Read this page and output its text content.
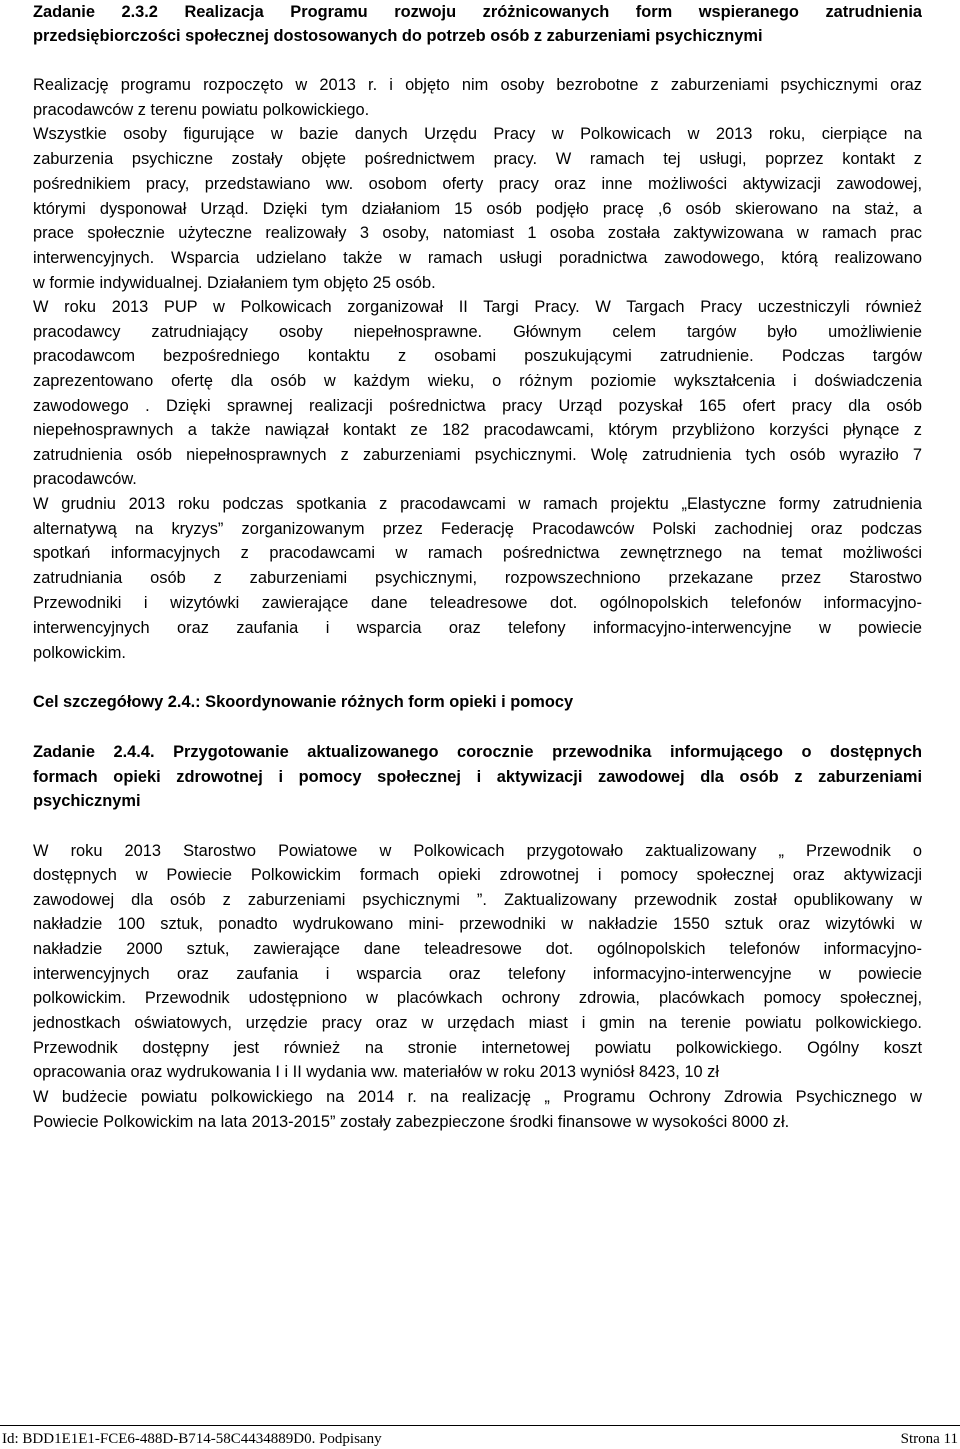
Zadanie 2.3.2 Realizacja Programu rozwoju zróżnicowanych form wspieranego zatrudnienia
przedsiębiorczości społecznej dostosowanych do potrzeb osób z zaburzeniami psychicznymi
Realizację programu rozpoczęto w 2013 r. i objęto nim osoby bezrobotne z zaburzeniami psychicznymi oraz
pracodawców z terenu powiatu polkowickiego.
Wszystkie osoby figurujące w bazie danych Urzędu Pracy w Polkowicach w 2013 roku, cierpiące na
zaburzenia psychiczne zostały objęte pośrednictwem pracy. W ramach tej usługi, poprzez kontakt z
pośrednikiem pracy, przedstawiano ww. osobom oferty pracy oraz inne możliwości aktywizacji zawodowej,
którymi dysponował Urząd. Dzięki tym działaniom 15 osób podjęło pracę ,6 osób skierowano na staż, a
prace społecznie użyteczne realizowały 3 osoby, natomiast 1 osoba została zaktywizowana w ramach prac
interwencyjnych. Wsparcia udzielano także w ramach usługi poradnictwa zawodowego, którą realizowano
w formie indywidualnej. Działaniem tym objęto 25 osób.
W roku 2013 PUP w Polkowicach zorganizował II Targi Pracy. W Targach Pracy uczestniczyli również
pracodawcy zatrudniający osoby niepełnosprawne. Głównym celem targów było umożliwienie
pracodawcom bezpośredniego kontaktu z osobami poszukującymi zatrudnienie. Podczas targów
zaprezentowano ofertę dla osób w każdym wieku, o różnym poziomie wykształcenia i doświadczenia
zawodowego . Dzięki sprawnej realizacji pośrednictwa pracy Urząd pozyskał 165 ofert pracy dla osób
niepełnosprawnych a także nawiązał kontakt ze 182 pracodawcami, którym przybliżono korzyści płynące z
zatrudnienia osób niepełnosprawnych z zaburzeniami psychicznymi. Wolę zatrudnienia tych osób wyraziło 7
pracodawców.
W grudniu 2013 roku podczas spotkania z pracodawcami w ramach projektu „Elastyczne formy zatrudnienia
alternatywą na kryzys” zorganizowanym przez Federację Pracodawców Polski zachodniej oraz podczas
spotkań informacyjnych z pracodawcami w ramach pośrednictwa zewnętrznego na temat możliwości
zatrudniania osób z zaburzeniami psychicznymi, rozpowszechniono przekazane przez Starostwo
Przewodniki i wizytówki zawierające dane teleadresowe dot. ogólnopolskich telefonów informacyjno-
interwencyjnych oraz zaufania i wsparcia oraz telefony informacyjno-interwencyjne w powiecie
polkowickim.
Cel szczegółowy 2.4.: Skoordynowanie różnych form opieki i pomocy
Zadanie 2.4.4. Przygotowanie aktualizowanego corocznie przewodnika informującego o dostępnych
formach opieki zdrowotnej i pomocy społecznej i aktywizacji zawodowej dla osób z zaburzeniami
psychicznymi
W roku 2013 Starostwo Powiatowe w Polkowicach przygotowało zaktualizowany „ Przewodnik o
dostępnych w Powiecie Polkowickim formach opieki zdrowotnej i pomocy społecznej oraz aktywizacji
zawodowej dla osób z zaburzeniami psychicznymi ”. Zaktualizowany przewodnik został opublikowany w
nakładzie 100 sztuk, ponadto wydrukowano mini- przewodniki w nakładzie 1550 sztuk oraz wizytówki w
nakładzie 2000 sztuk, zawierające dane teleadresowe dot. ogólnopolskich telefonów informacyjno-
interwencyjnych oraz zaufania i wsparcia oraz telefony informacyjno-interwencyjne w powiecie
polkowickim. Przewodnik udostępniono w placówkach ochrony zdrowia, placówkach pomocy społecznej,
jednostkach oświatowych, urzędzie pracy oraz w urzędach miast i gmin na terenie powiatu polkowickiego.
Przewodnik dostępny jest również na stronie internetowej powiatu polkowickiego. Ogólny koszt
opracowania oraz wydrukowania I i II wydania ww. materiałów w roku 2013 wyniósł 8423, 10 zł
W budżecie powiatu polkowickiego na 2014 r. na realizację „ Programu Ochrony Zdrowia Psychicznego w
Powiecie Polkowickim na lata 2013-2015” zostały zabezpieczone środki finansowe w wysokości 8000 zł.
Id: BDD1E1E1-FCE6-488D-B714-58C4434889D0. Podpisany	Strona 11
